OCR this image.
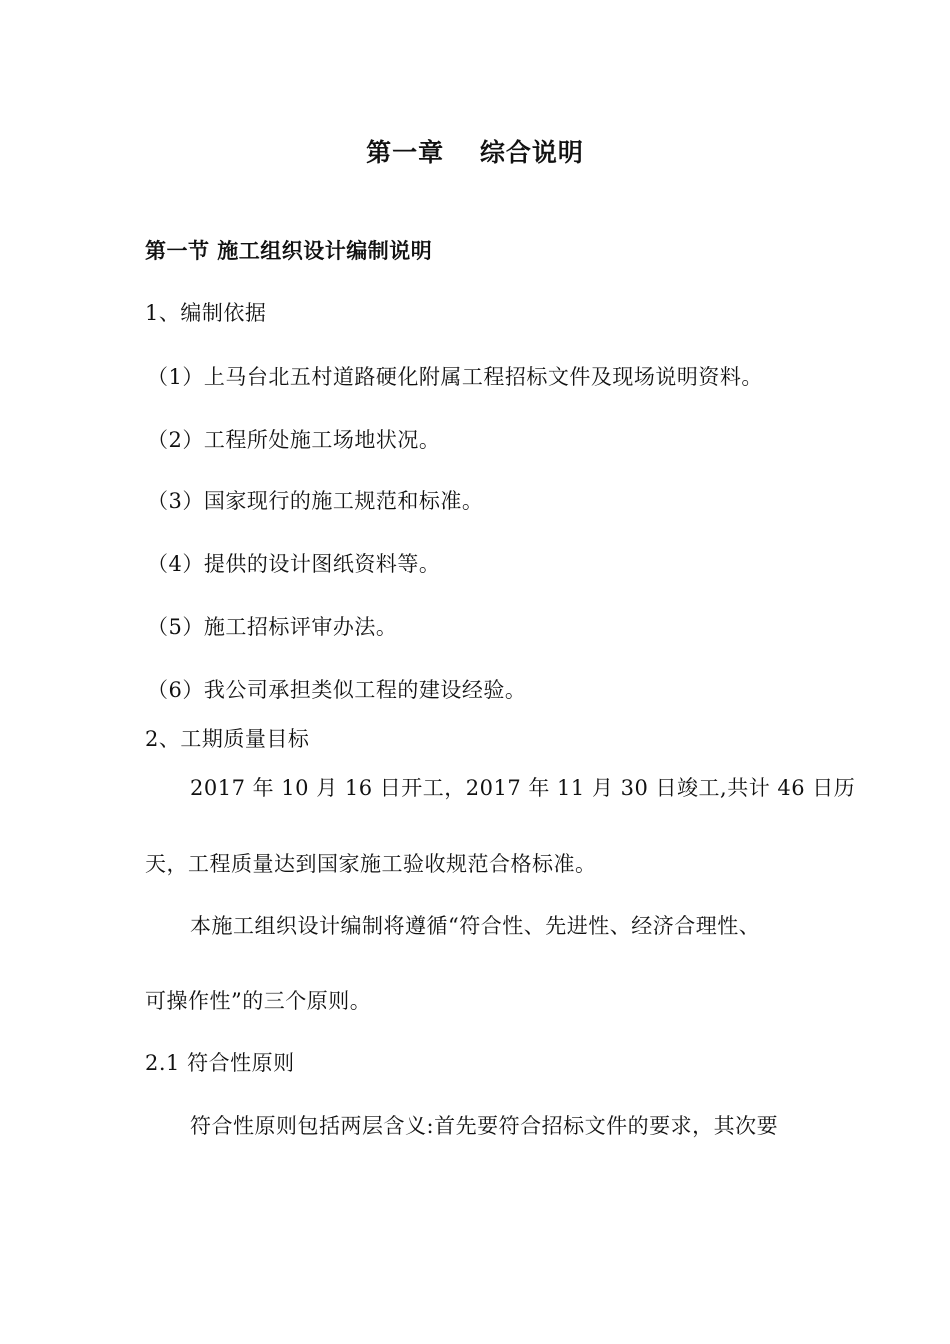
第一章　 综合说明
第一节 施工组织设计编制说明
1、编制依据
（1）上马台北五村道路硬化附属工程招标文件及现场说明资料。
（2）工程所处施工场地状况。
（3）国家现行的施工规范和标准。
（4）提供的设计图纸资料等。
（5）施工招标评审办法。
（6）我公司承担类似工程的建设经验。
2、工期质量目标
2017 年 10 月 16 日开工，2017 年 11 月 30 日竣工,共计 46 日历
天，工程质量达到国家施工验收规范合格标准。
本施工组织设计编制将遵循“符合性、先进性、经济合理性、
可操作性”的三个原则。
2.1 符合性原则
符合性原则包括两层含义:首先要符合招标文件的要求，其次要
